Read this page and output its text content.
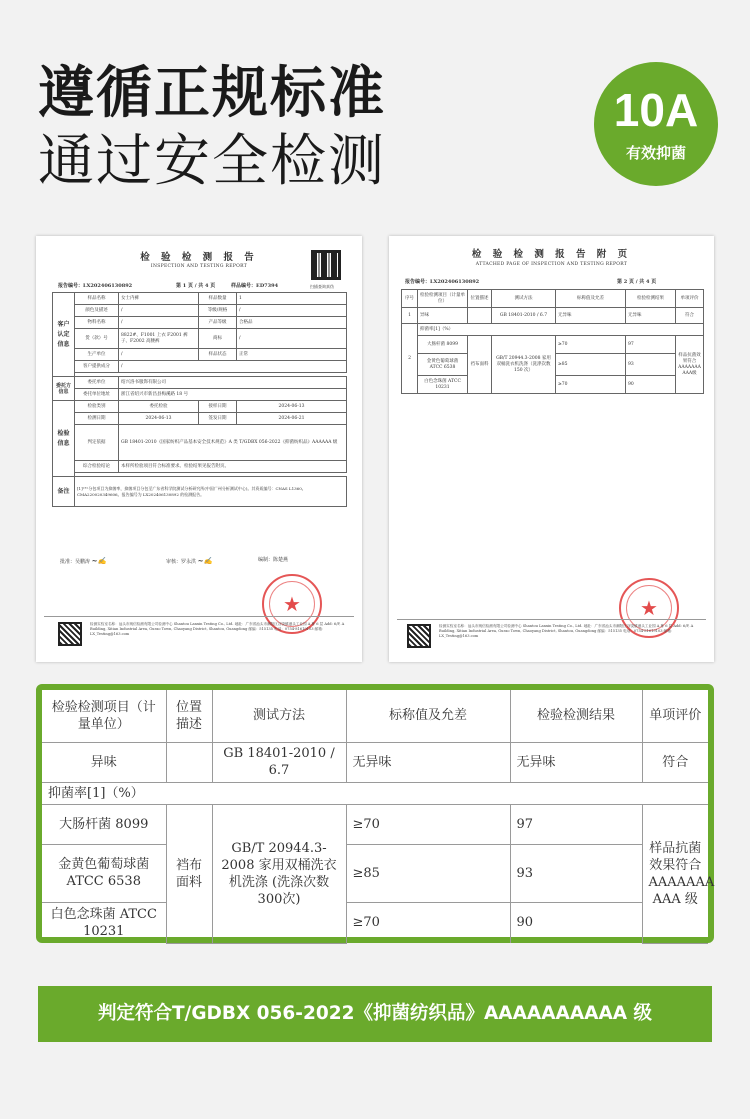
遵循正规标准
通过安全检测
10A
有效抑菌
检 验 检 测 报 告
INSPECTION AND TESTING REPORT
扫描查询真伪
报告编号：LX202406130892	第 1 页 / 共 4 页	样品编号：ED7394
客户认定信息	样品名称	女士内裤	样品数量	1
	颜色及描述	/	等级/规格	/
	物料名称	/	产品等级	合格品
	货（款）号	8822#、F1001 上衣 F2001 裤子、F2002 高腰裤	商标	/
	生产单位	/	样品状态	正常
	客户提供成分	/		

委托方信息	委托单位	绍兴洛书服饰有限公司		
	委托单位地址	浙江省绍兴市新昌县梅溪路 18 号		
检验信息	检验类别	委托检验	接样日期	2024-06-13
	检测日期	2024-06-13	签发日期	2024-06-21
	判定依据	GB 18401-2010《国家纺织产品基本安全技术规范》A 类 T/GDBX 056-2022《抑菌纺织品》AAAAAA 级		
	综合检验结论	本样所检验项目符合标准要求。检验结果见报告附页。		

备注	[1]"*"分包项目为抑菌率，抑菌项目分包至广东省科学院测试分析研究所(中国广州分析测试中心)。其资质编号：CNAS L1360。CMA220020349606。报告编号为 LX202406130892 的检测报告。			
批准：吴鹏涛 ~✍	审核：罗永洪 ~✍	编制：陈楚燕
★
检测实验室名称：汕头市朗信检测有限公司检测中心 Shantou Lanxin Testing Co., Ltd. 地址：广东省汕头市潮阳区谷饶镇港头工业园 A 栋 6 层 Add: 6/F, A Building, Xitian Industrial Area, Gurao Town, Chaoyang District, Shantou, Guangdong 邮编：515135 电话：0754-81619103 邮箱：LX_Testing@163.com
检 验 检 测 报 告 附 页
ATTACHED PAGE OF INSPECTION AND TESTING REPORT
报告编号：LX202406130892	第 2 页 / 共 4 页
序号	检验检测项目（计量单位）	位置描述	测试方法	标称值及允差	检验检测结果	单项评价
1	异味		GB 18401-2010 / 6.7	无异味	无异味	符合
2	抑菌率[1]（%）					
	大肠杆菌 8099	裆布面料	GB/T 20944.3-2008 家用双桶洗衣机洗涤（洗涤次数 150 次）	≥70	97	样品抗菌效果符合AAAAAAA AAA级
	金黄色葡萄球菌 ATCC 6538			≥85	93	
	白色念珠菌 ATCC 10231			≥70	90	
★
检测实验室名称：汕头市朗信检测有限公司检测中心 Shantou Lanxin Testing Co., Ltd. 地址：广东省汕头市潮阳区谷饶镇港头工业园 A 栋 6 层 Add: 6/F, A Building, Xitian Industrial Area, Gurao Town, Chaoyang District, Shantou, Guangdong 邮编：515135 电话：0754-81619103 邮箱：LX_Testing@163.com
检验检测项目（计量单位）	位置描述	测试方法	标称值及允差	检验检测结果	单项评价
异味		GB 18401-2010 / 6.7	无异味	无异味	符合
抑菌率[1]（%）					
大肠杆菌 8099	裆布面料	GB/T 20944.3-2008 家用双桶洗衣机洗涤 (洗涤次数300次)	≥70	97	样品抗菌效果符合 AAAAAAA AAA 级
金黄色葡萄球菌 ATCC 6538			≥85	93	
白色念珠菌 ATCC 10231			≥70	90	
判定符合T/GDBX 056-2022《抑菌纺织品》AAAAAAAAAA 级
